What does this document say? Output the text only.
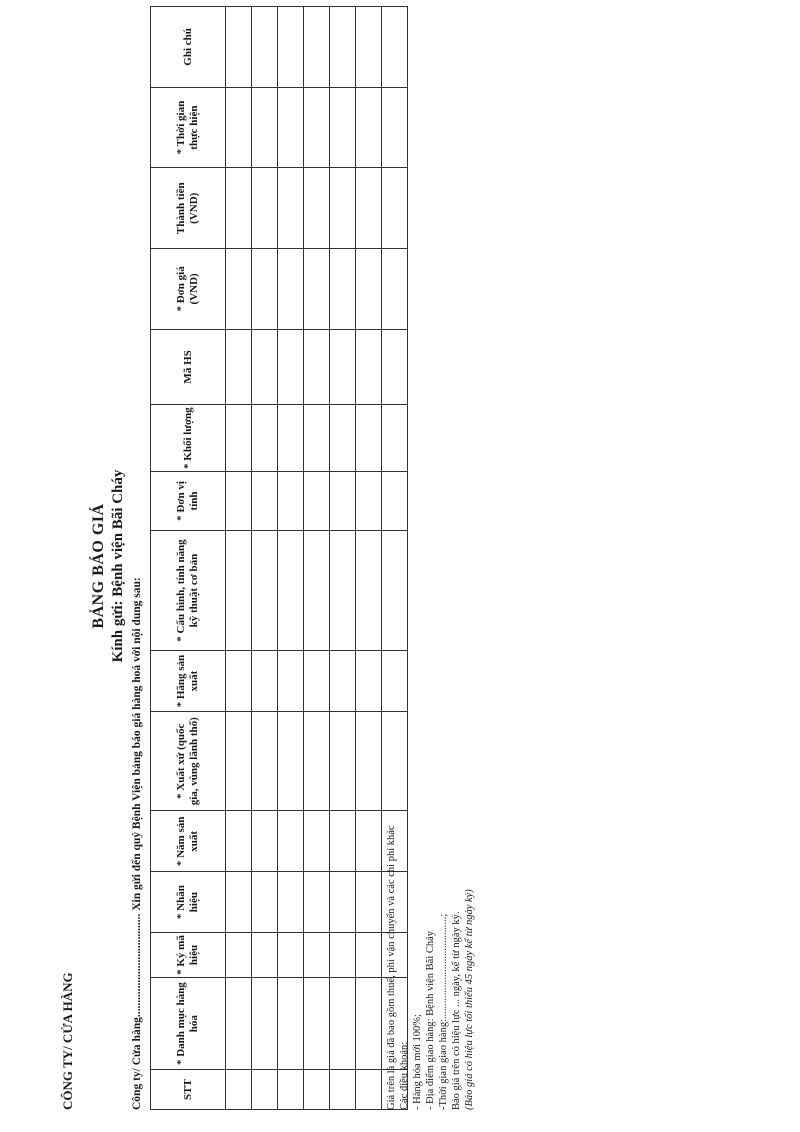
CÔNG TY/ CỬA HÀNG
BẢNG BÁO GIÁ Kính gửi: Bệnh viện Bãi Cháy
Công ty/ Cửa hàng.................................... Xin gửi đến quý Bệnh Viện bảng báo giá hàng hoá với nội dung sau:	STT	* Danh mục hàng hóa	* Ký mã hiệu	* Nhãn hiệu	* Năm sản xuất	* Xuất xứ (quốc gia, vùng lãnh thổ)	* Hãng sản xuất	* Cấu hình, tính năng kỹ thuật cơ bản	* Đơn vị tính	* Khối lượng	Mã HS	* Đơn giá (VND)	Thành tiền (VND)	* Thời gian thực hiện	Ghi chú

Giá trên là giá đã bao gồm thuế, phí vận chuyển và các chi phí khác Các điều khoản: - Hàng hóa mới 100%; - Địa điểm giao hàng: Bệnh viện Bãi Cháy -Thời gian giao hàng:.......................................; Báo giá trên có hiệu lực ... ngày, kể từ ngày ký. (Báo giá có hiệu lực tối thiểu 45 ngày kể từ ngày ký)
